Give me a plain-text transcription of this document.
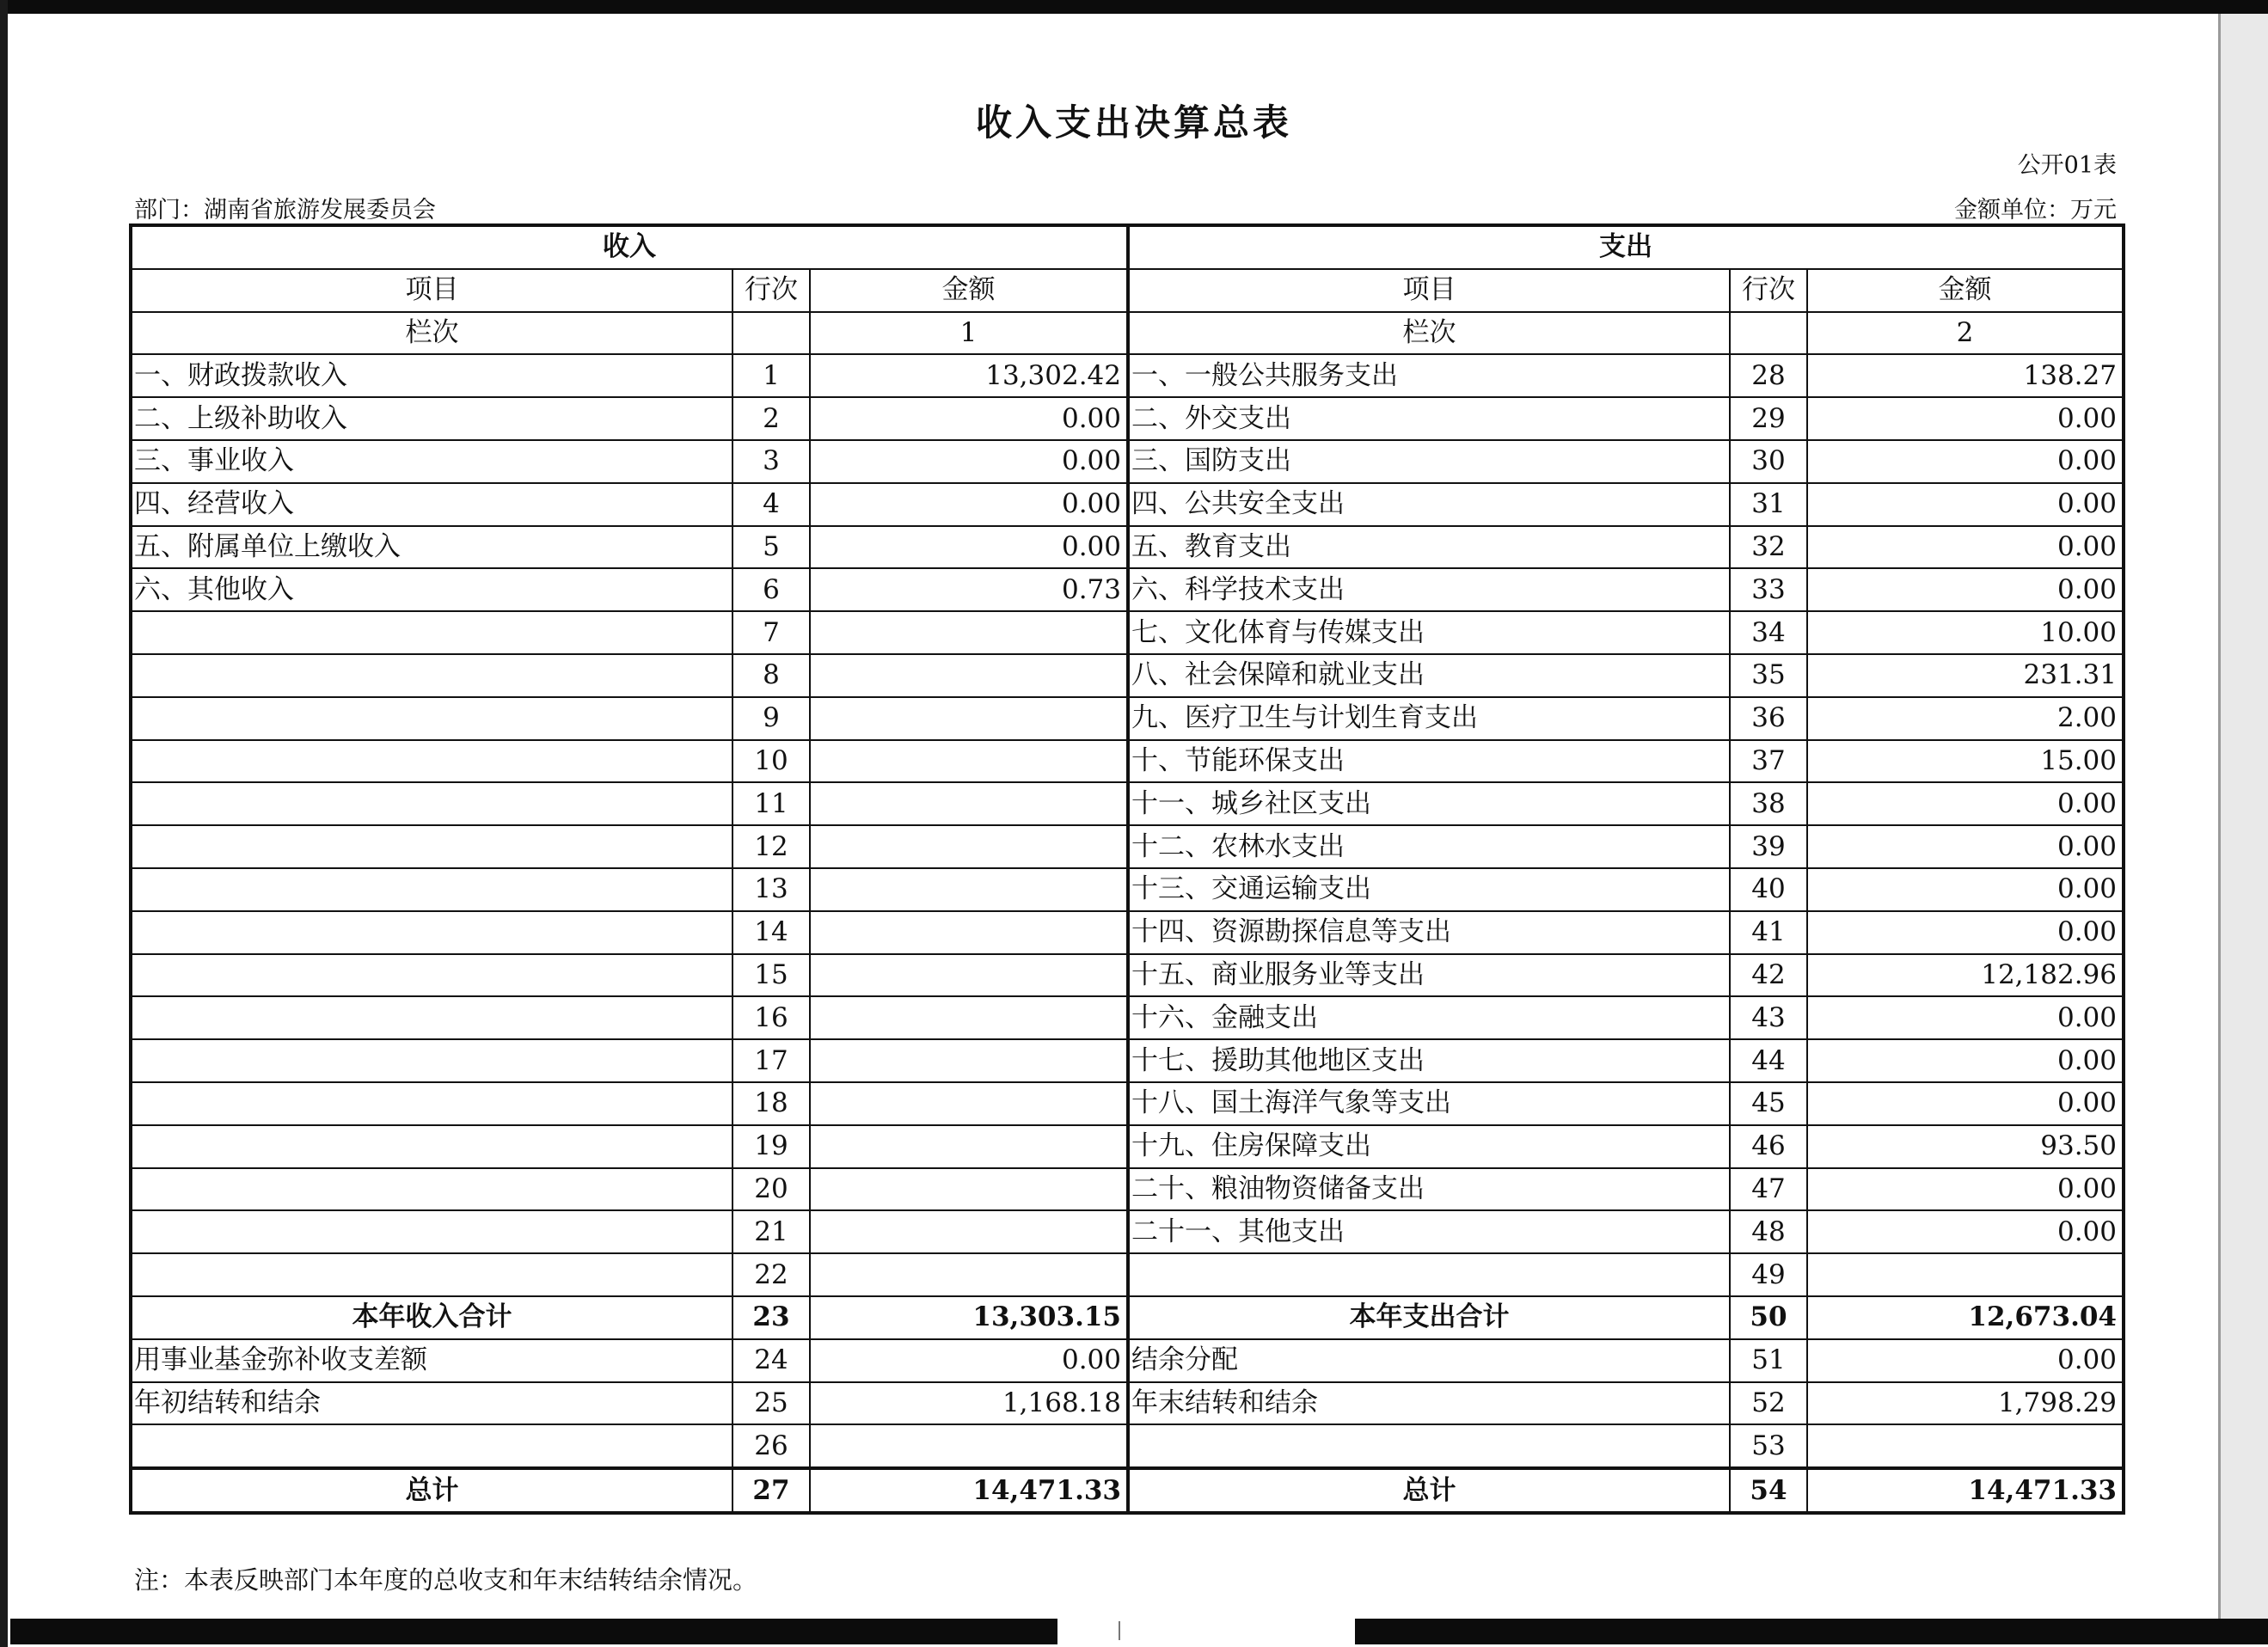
收入支出决算总表
公开01表
部门：湖南省旅游发展委员会	金额单位：万元
收入			支出		
项目	行次	金额	项目	行次	金额
栏次		1	栏次		2
一、财政拨款收入	1	13,302.42	一、一般公共服务支出	28	138.27
二、上级补助收入	2	0.00	二、外交支出	29	0.00
三、事业收入	3	0.00	三、国防支出	30	0.00
四、经营收入	4	0.00	四、公共安全支出	31	0.00
五、附属单位上缴收入	5	0.00	五、教育支出	32	0.00
六、其他收入	6	0.73	六、科学技术支出	33	0.00
	7		七、文化体育与传媒支出	34	10.00
	8		八、社会保障和就业支出	35	231.31
	9		九、医疗卫生与计划生育支出	36	2.00
	10		十、节能环保支出	37	15.00
	11		十一、城乡社区支出	38	0.00
	12		十二、农林水支出	39	0.00
	13		十三、交通运输支出	40	0.00
	14		十四、资源勘探信息等支出	41	0.00
	15		十五、商业服务业等支出	42	12,182.96
	16		十六、金融支出	43	0.00
	17		十七、援助其他地区支出	44	0.00
	18		十八、国土海洋气象等支出	45	0.00
	19		十九、住房保障支出	46	93.50
	20		二十、粮油物资储备支出	47	0.00
	21		二十一、其他支出	48	0.00
	22			49	
本年收入合计	23	13,303.15	本年支出合计	50	12,673.04
用事业基金弥补收支差额	24	0.00	结余分配	51	0.00
年初结转和结余	25	1,168.18	年末结转和结余	52	1,798.29
	26			53	
总计	27	14,471.33	总计	54	14,471.33
注：本表反映部门本年度的总收支和年末结转结余情况。
